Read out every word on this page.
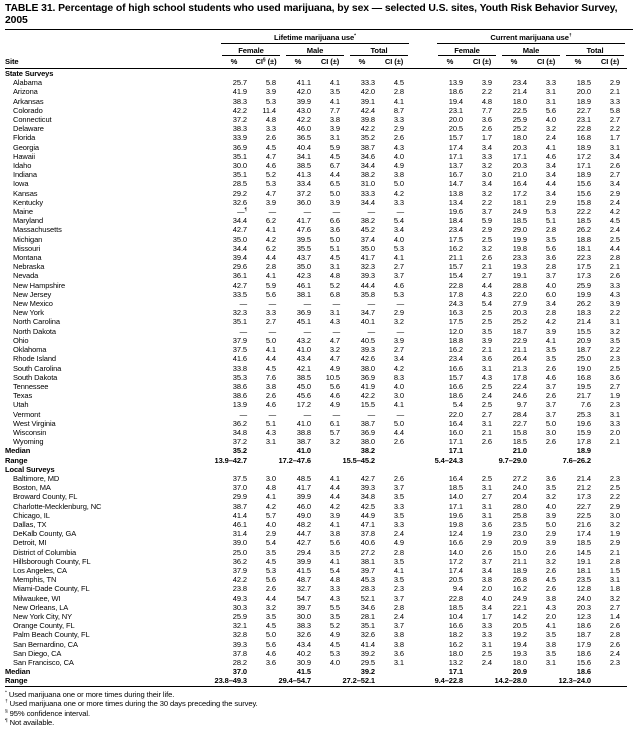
TABLE 31. Percentage of high school students who used marijuana, by sex — selected U.S. sites, Youth Risk Behavior Survey, 2005

	Lifetime marijuana use*							Current marijuana use†

	Female		Male		Total			Female		Male		Total	

Site	%	CI§ (±)	%	CI (±)	%	CI (±)		%	CI (±)	%	CI (±)	%	CI (±)
State Surveys													
Alabama	25.7	5.8	41.1	4.1	33.3	4.5		13.9	3.9	23.4	3.3	18.5	2.9
Arizona	41.9	3.9	42.0	3.5	42.0	2.8		18.6	2.2	21.4	3.1	20.0	2.1
Arkansas	38.3	5.3	39.9	4.1	39.1	4.1		19.4	4.8	18.0	3.1	18.9	3.3
Colorado	42.2	11.4	43.0	7.7	42.4	8.7		23.1	7.7	22.5	5.6	22.7	5.8
Connecticut	37.2	4.8	42.2	3.8	39.8	3.3		20.0	3.6	25.9	4.0	23.1	2.7
Delaware	38.3	3.3	46.0	3.9	42.2	2.9		20.5	2.6	25.2	3.2	22.8	2.2
Florida	33.9	2.6	36.5	3.1	35.2	2.6		15.7	1.7	18.0	2.4	16.8	1.7
Georgia	36.9	4.5	40.4	5.9	38.7	4.3		17.4	3.4	20.3	4.1	18.9	3.1
Hawaii	35.1	4.7	34.1	4.5	34.6	4.0		17.1	3.3	17.1	4.6	17.2	3.4
Idaho	30.0	4.6	38.5	6.7	34.4	4.9		13.7	3.2	20.3	3.4	17.1	2.6
Indiana	35.1	5.2	41.3	4.4	38.2	3.8		16.7	3.0	21.0	3.4	18.9	2.7
Iowa	28.5	5.3	33.4	6.5	31.0	5.0		14.7	3.4	16.4	4.4	15.6	3.4
Kansas	29.2	4.7	37.2	5.0	33.3	4.2		13.8	3.2	17.2	3.4	15.6	2.9
Kentucky	32.6	3.9	36.0	3.9	34.4	3.3		13.4	2.2	18.1	2.9	15.8	2.4
Maine	—¶	—	—	—	—	—		19.6	3.7	24.9	5.3	22.2	4.2
Maryland	34.4	6.2	41.7	6.6	38.2	5.4		18.4	5.9	18.5	5.1	18.5	4.5
Massachusetts	42.7	4.1	47.6	3.6	45.2	3.4		23.4	2.9	29.0	2.8	26.2	2.4
Michigan	35.0	4.2	39.5	5.0	37.4	4.0		17.5	2.5	19.9	3.5	18.8	2.5
Missouri	34.4	6.2	35.5	5.1	35.0	5.3		16.2	3.2	19.8	5.6	18.1	4.4
Montana	39.4	4.4	43.7	4.5	41.7	4.1		21.1	2.6	23.3	3.6	22.3	2.8
Nebraska	29.6	2.8	35.0	3.1	32.3	2.7		15.7	2.1	19.3	2.8	17.5	2.1
Nevada	36.1	4.1	42.3	4.8	39.3	3.7		15.4	2.7	19.1	3.7	17.3	2.6
New Hampshire	42.7	5.9	46.1	5.2	44.4	4.6		22.8	4.4	28.8	4.0	25.9	3.3
New Jersey	33.5	5.6	38.1	6.8	35.8	5.3		17.8	4.3	22.0	6.0	19.9	4.3
New Mexico	—	—	—	—	—	—		24.3	5.4	27.9	3.4	26.2	3.9
New York	32.3	3.3	36.9	3.1	34.7	2.9		16.3	2.5	20.3	2.8	18.3	2.2
North Carolina	35.1	2.7	45.1	4.3	40.1	3.2		17.5	2.5	25.2	4.2	21.4	3.1
North Dakota	—	—	—	—	—	—		12.0	3.5	18.7	3.9	15.5	3.2
Ohio	37.9	5.0	43.2	4.7	40.5	3.9		18.8	3.9	22.9	4.1	20.9	3.5
Oklahoma	37.5	4.1	41.0	3.2	39.3	2.7		16.2	2.1	21.1	3.5	18.7	2.2
Rhode Island	41.6	4.4	43.4	4.7	42.6	3.4		23.4	3.6	26.4	3.5	25.0	2.3
South Carolina	33.8	4.5	42.1	4.9	38.0	4.2		16.6	3.1	21.3	2.6	19.0	2.5
South Dakota	35.3	7.6	38.5	10.5	36.9	8.3		15.7	4.3	17.8	4.6	16.8	3.6
Tennessee	38.6	3.8	45.0	5.6	41.9	4.0		16.6	2.5	22.4	3.7	19.5	2.7
Texas	38.6	2.6	45.6	4.6	42.2	3.0		18.6	2.4	24.6	2.6	21.7	1.9
Utah	13.9	4.6	17.2	4.9	15.5	4.1		5.4	2.5	9.7	3.7	7.6	2.3
Vermont	—	—	—	—	—	—		22.0	2.7	28.4	3.7	25.3	3.1
West Virginia	36.2	5.1	41.0	6.1	38.7	5.0		16.4	3.1	22.7	5.0	19.6	3.3
Wisconsin	34.8	4.3	38.8	5.7	36.9	4.4		16.0	2.1	15.8	3.0	15.9	2.0
Wyoming	37.2	3.1	38.7	3.2	38.0	2.6		17.1	2.6	18.5	2.6	17.8	2.1
Median	35.2		41.0		38.2			17.1		21.0		18.9	

Range	13.9–42.7		17.2–47.6		15.5–45.2			5.4–24.3		9.7–29.0		7.6–26.2	

Local Surveys													
Baltimore, MD	37.5	3.0	48.5	4.1	42.7	2.6		16.4	2.5	27.2	3.6	21.4	2.3
Boston, MA	37.0	4.8	41.7	4.4	39.3	3.7		18.5	3.1	24.0	3.5	21.2	2.5
Broward County, FL	29.9	4.1	39.9	4.4	34.8	3.5		14.0	2.7	20.4	3.2	17.3	2.2
Charlotte-Mecklenburg, NC	38.7	4.2	46.0	4.2	42.5	3.3		17.1	3.1	28.0	4.0	22.7	2.9
Chicago, IL	41.4	5.7	49.0	3.9	44.9	3.5		19.6	3.1	25.8	3.9	22.5	3.0
Dallas, TX	46.1	4.0	48.2	4.1	47.1	3.3		19.8	3.6	23.5	5.0	21.6	3.2
DeKalb County, GA	31.4	2.9	44.7	3.8	37.8	2.4		12.4	1.9	23.0	2.9	17.4	1.9
Detroit, MI	39.0	5.4	42.7	5.6	40.6	4.9		16.6	2.9	20.9	3.9	18.5	2.9
District of Columbia	25.0	3.5	29.4	3.5	27.2	2.8		14.0	2.6	15.0	2.6	14.5	2.1
Hillsborough County, FL	36.2	4.5	39.9	4.1	38.1	3.5		17.2	3.7	21.1	3.2	19.1	2.8
Los Angeles, CA	37.9	5.3	41.5	5.4	39.7	4.1		17.4	3.4	18.9	2.6	18.1	1.5
Memphis, TN	42.2	5.6	48.7	4.8	45.3	3.5		20.5	3.8	26.8	4.5	23.5	3.1
Miami-Dade County, FL	23.8	2.6	32.7	3.3	28.3	2.3		9.4	2.0	16.2	2.6	12.8	1.8
Milwaukee, WI	49.3	4.4	54.7	4.3	52.1	3.7		22.8	4.0	24.9	3.8	24.0	3.2
New Orleans, LA	30.3	3.2	39.7	5.5	34.6	2.8		18.5	3.4	22.1	4.3	20.3	2.7
New York City, NY	25.9	3.5	30.0	3.5	28.1	2.4		10.4	1.7	14.2	2.0	12.3	1.4
Orange County, FL	32.1	4.5	38.3	5.2	35.1	3.7		16.6	3.3	20.5	4.1	18.6	2.6
Palm Beach County, FL	32.8	5.0	32.6	4.9	32.6	3.8		18.2	3.3	19.2	3.5	18.7	2.8
San Bernardino, CA	39.3	5.6	43.4	4.5	41.4	3.8		16.2	3.1	19.4	3.8	17.9	2.6
San Diego, CA	37.8	4.6	40.2	5.3	39.2	3.6		18.0	2.5	19.3	3.5	18.6	2.4
San Francisco, CA	28.2	3.6	30.9	4.0	29.5	3.1		13.2	2.4	18.0	3.1	15.6	2.3
Median	37.0		41.5		39.2			17.1		20.9		18.6	

Range	23.8–49.3		29.4–54.7		27.2–52.1			9.4–22.8		14.2–28.0		12.3–24.0	
* Used marijuana one or more times during their life.
† Used marijuana one or more times during the 30 days preceding the survey.
§ 95% confidence interval.
¶ Not available.
